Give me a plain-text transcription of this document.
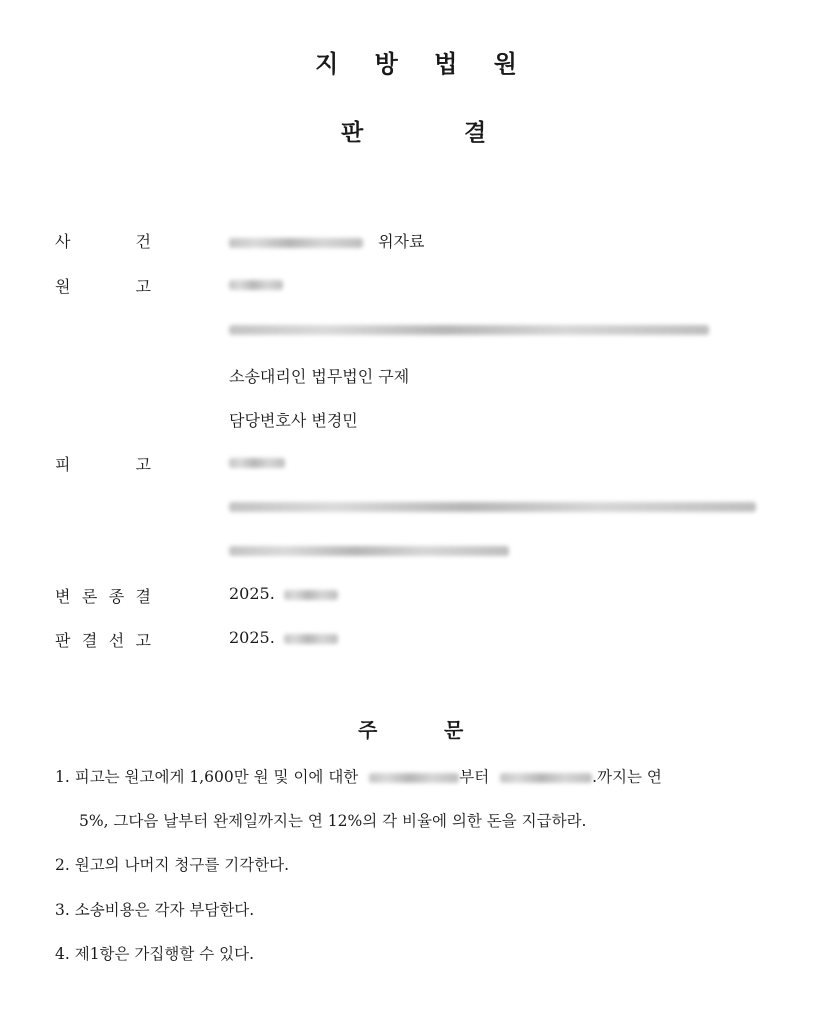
지 방 법 원
판	결
사	건	위자료
원	고
소송대리인 법무법인 구제
담당변호사 변경민
피	고
변 론 종 결	2025.
판 결 선 고	2025.
주	문
1. 피고는 원고에게 1,600만 원 및 이에 대한	부터	.까지는 연
5%, 그다음 날부터 완제일까지는 연 12%의 각 비율에 의한 돈을 지급하라.
2. 원고의 나머지 청구를 기각한다.
3. 소송비용은 각자 부담한다.
4. 제1항은 가집행할 수 있다.
